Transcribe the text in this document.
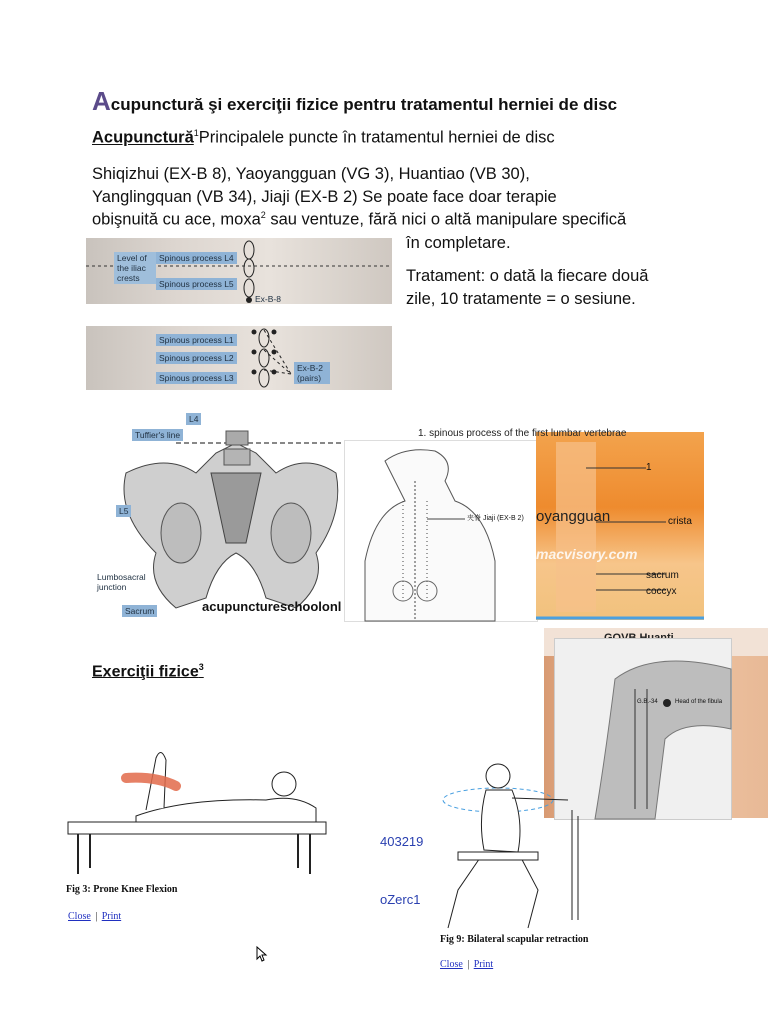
Acupunctură şi exerciţii fizice pentru tratamentul herniei de disc
Acupunctură$^1$Principalele puncte în tratamentul herniei de disc
Shiqizhui (EX-B 8), Yaoyangguan (VG 3), Huantiao (VB 30),
Yanglingquan (VB 34), Jiaji (EX-B 2) Se poate face doar terapie
obişnuită cu ace, moxa$^2$ sau ventuze, fără nici o altă manipulare specifică
în completare.
Tratament: o dată la fiecare două
zile, 10 tratamente = o sesiune.
Level of the iliac crests
Spinous process L4
Spinous process L5
Ex-B-8
Spinous process L1
Spinous process L2
Spinous process L3
Ex-B-2 (pairs)
L4
Tuffier's line
L5
Lumbosacral junction
Sacrum	acupunctureschoolonl
夹脊 Jiaji (EX-B 2)
1. spinous process of the first lumbar vertebrae
1
oyangguan	crista
sacrum
coccyx
macvisory.com
G.B.-34	Head of the fibula
Exerciţii fizice$^3$
Fig 3: Prone Knee Flexion
Close | Print
403219
oZerc1
Fig 9: Bilateral scapular retraction
Close | Print
